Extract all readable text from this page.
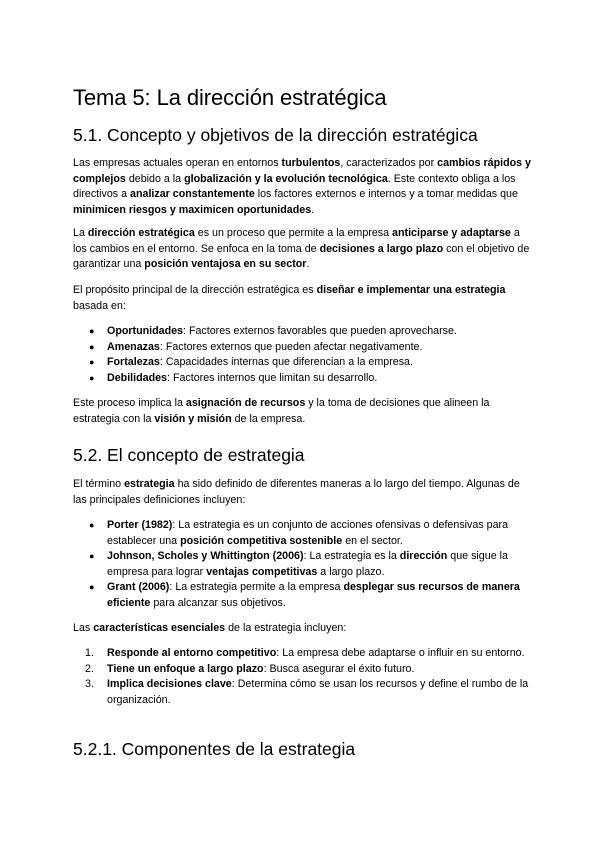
Tema 5: La dirección estratégica
5.1. Concepto y objetivos de la dirección estratégica

Las empresas actuales operan en entornos turbulentos, caracterizados por cambios rápidos y complejos debido a la globalización y la evolución tecnológica. Este contexto obliga a los directivos a analizar constantemente los factores externos e internos y a tomar medidas que minimicen riesgos y maximicen oportunidades.

La dirección estratégica es un proceso que permite a la empresa anticiparse y adaptarse a los cambios en el entorno. Se enfoca en la toma de decisiones a largo plazo con el objetivo de garantizar una posición ventajosa en su sector.

El propósito principal de la dirección estratégica es diseñar e implementar una estrategia basada en:

● Oportunidades: Factores externos favorables que pueden aprovecharse.
● Amenazas: Factores externos que pueden afectar negativamente.
● Fortalezas: Capacidades internas que diferencian a la empresa.
● Debilidades: Factores internos que limitan su desarrollo.

Este proceso implica la asignación de recursos y la toma de decisiones que alineen la estrategia con la visión y misión de la empresa.

5.2. El concepto de estrategia

El término estrategia ha sido definido de diferentes maneras a lo largo del tiempo. Algunas de las principales definiciones incluyen:

● Porter (1982): La estrategia es un conjunto de acciones ofensivas o defensivas para establecer una posición competitiva sostenible en el sector.
● Johnson, Scholes y Whittington (2006): La estrategia es la dirección que sigue la empresa para lograr ventajas competitivas a largo plazo.
● Grant (2006): La estrategia permite a la empresa desplegar sus recursos de manera eficiente para alcanzar sus objetivos.

Las características esenciales de la estrategia incluyen:

1. Responde al entorno competitivo: La empresa debe adaptarse o influir en su entorno.
2. Tiene un enfoque a largo plazo: Busca asegurar el éxito futuro.
3. Implica decisiones clave: Determina cómo se usan los recursos y define el rumbo de la organización.
5.2.1. Componentes de la estrategia
